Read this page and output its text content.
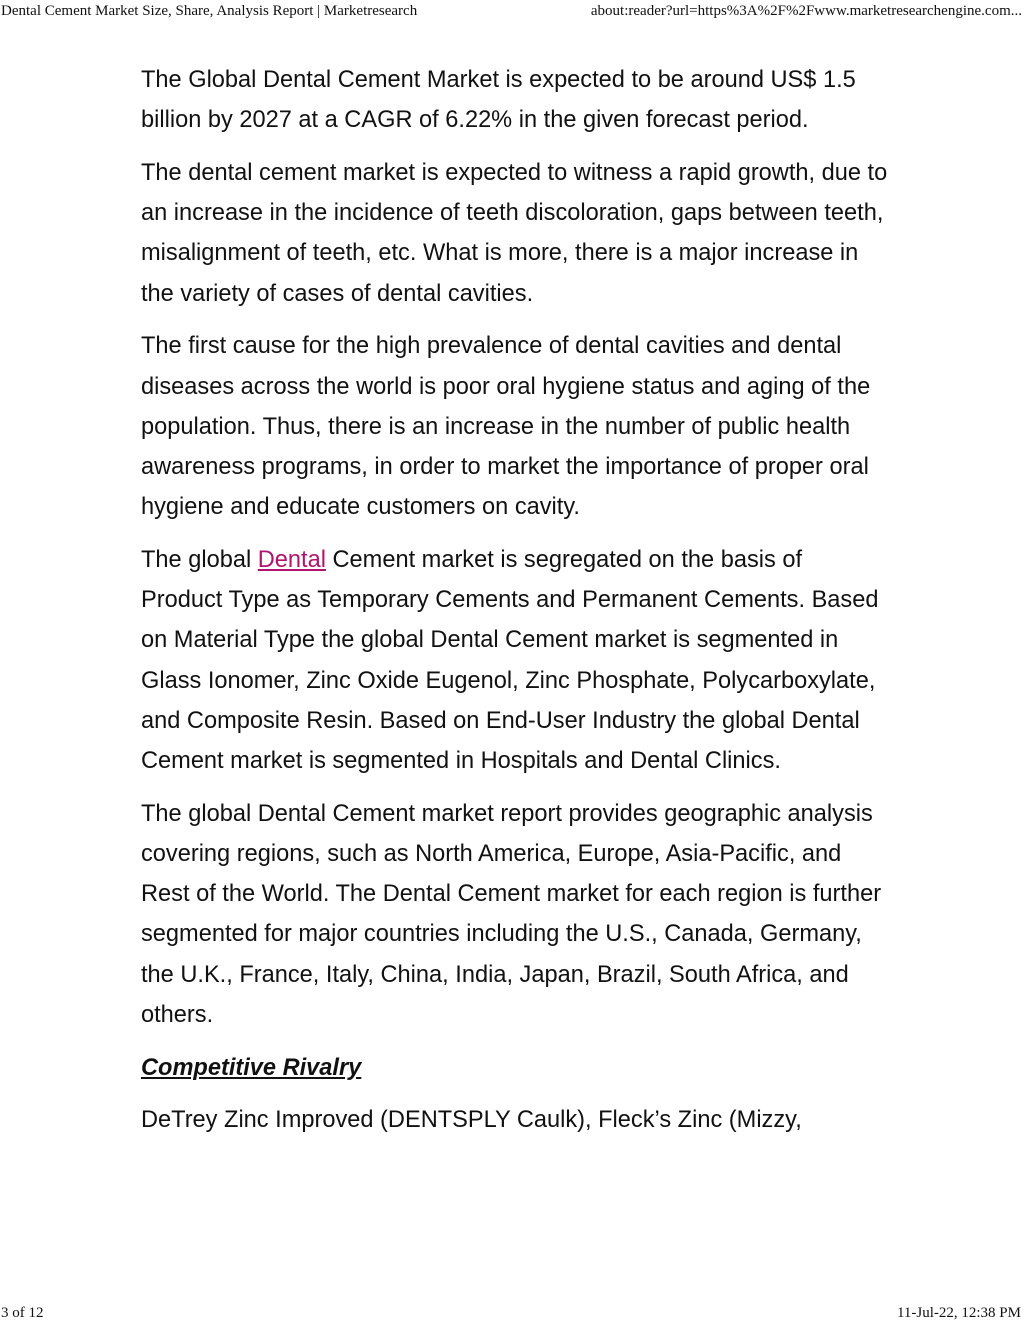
Dental Cement Market Size, Share, Analysis Report | Marketresearch	about:reader?url=https%3A%2F%2Fwww.marketresearchengine.com...

The Global Dental Cement Market is expected to be around US$ 1.5 billion by 2027 at a CAGR of 6.22% in the given forecast period.

The dental cement market is expected to witness a rapid growth, due to an increase in the incidence of teeth discoloration, gaps between teeth, misalignment of teeth, etc. What is more, there is a major increase in the variety of cases of dental cavities.

The first cause for the high prevalence of dental cavities and dental diseases across the world is poor oral hygiene status and aging of the population. Thus, there is an increase in the number of public health awareness programs, in order to market the importance of proper oral hygiene and educate customers on cavity.

The global Dental Cement market is segregated on the basis of Product Type as Temporary Cements and Permanent Cements. Based on Material Type the global Dental Cement market is segmented in Glass Ionomer, Zinc Oxide Eugenol, Zinc Phosphate, Polycarboxylate, and Composite Resin. Based on End-User Industry the global Dental Cement market is segmented in Hospitals and Dental Clinics.

The global Dental Cement market report provides geographic analysis covering regions, such as North America, Europe, Asia-Pacific, and Rest of the World. The Dental Cement market for each region is further segmented for major countries including the U.S., Canada, Germany, the U.K., France, Italy, China, India, Japan, Brazil, South Africa, and others.

Competitive Rivalry

DeTrey Zinc Improved (DENTSPLY Caulk), Fleck’s Zinc (Mizzy,

3 of 12	11-Jul-22, 12:38 PM
